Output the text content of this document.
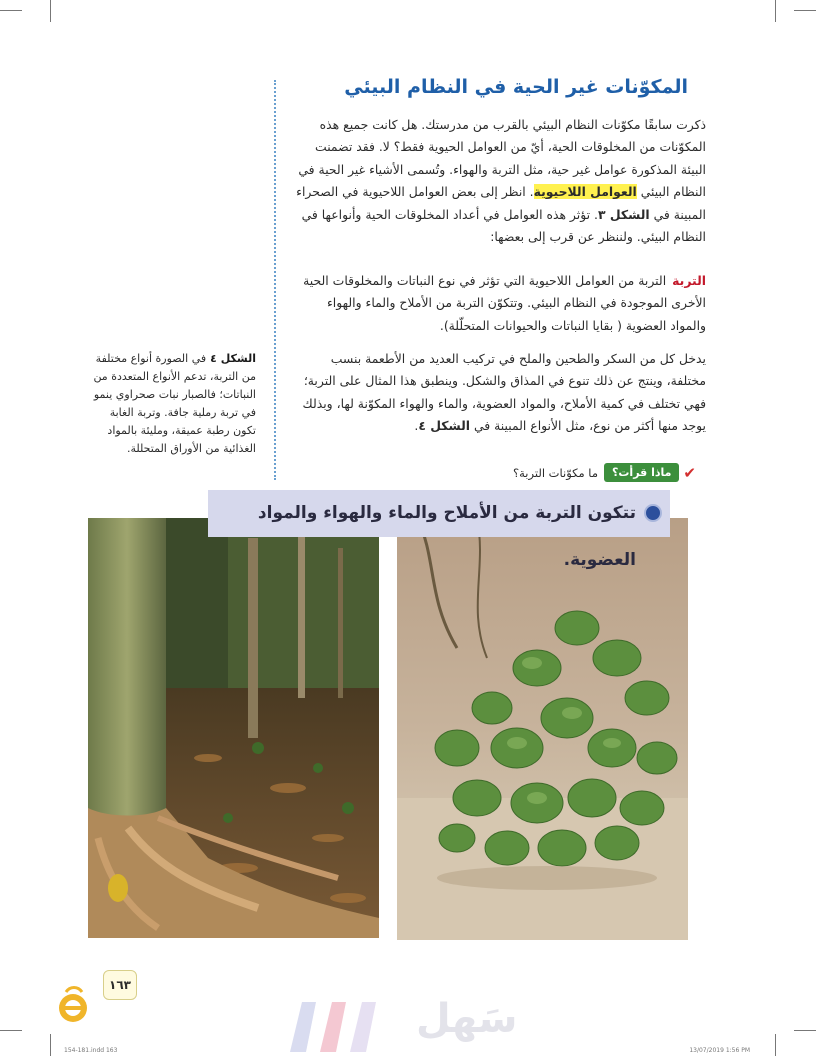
المكوّنات غير الحية في النظام البيئي
ذكرت سابقًا مكوّنات النظام البيئي بالقرب من مدرستك. هل كانت جميع هذه المكوّنات من المخلوقات الحية، أيّ من العوامل الحيوية فقط؟ لا. فقد تضمنت البيئة المذكورة عوامل غير حية، مثل التربة والهواء. وتُسمى الأشياء غير الحية في النظام البيئي العوامل اللاحيوية. انظر إلى بعض العوامل اللاحيوية في الصحراء المبينة في الشكل ٣. تؤثر هذه العوامل في أعداد المخلوقات الحية وأنواعها في النظام البيئي. ولننظر عن قرب إلى بعضها:
التربةالتربة من العوامل اللاحيوية التي تؤثر في نوع النباتات والمخلوقات الحية الأخرى الموجودة في النظام البيئي. وتتكوّن التربة من الأملاح والماء والهواء والمواد العضوية ( بقايا النباتات والحيوانات المتحلّلة).
يدخل كل من السكر والطحين والملح في تركيب العديد من الأطعمة بنسب مختلفة، وينتج عن ذلك تنوع في المذاق والشكل. وينطبق هذا المثال على التربة؛ فهي تختلف في كمية الأملاح، والمواد العضوية، والماء والهواء المكوّنة لها، وبذلك يوجد منها أكثر من نوع، مثل الأنواع المبينة في الشكل ٤.
الشكل ٤في الصورة أنواع مختلفة من التربة، تدعم الأنواع المتعددة من النباتات؛ فالصبار نبات صحراوي ينمو في تربة رملية جافة. وتربة الغابة تكون رطبة عميقة، ومليئة بالمواد الغذائية من الأوراق المتحللة.
✔ماذا قرأت؟ما مكوّنات التربة؟
تتكون التربة من الأملاح والماء والهواء والمواد العضوية.
١٦٣
سَهل
154-181.indd 163	13/07/2019 1:56 PM
